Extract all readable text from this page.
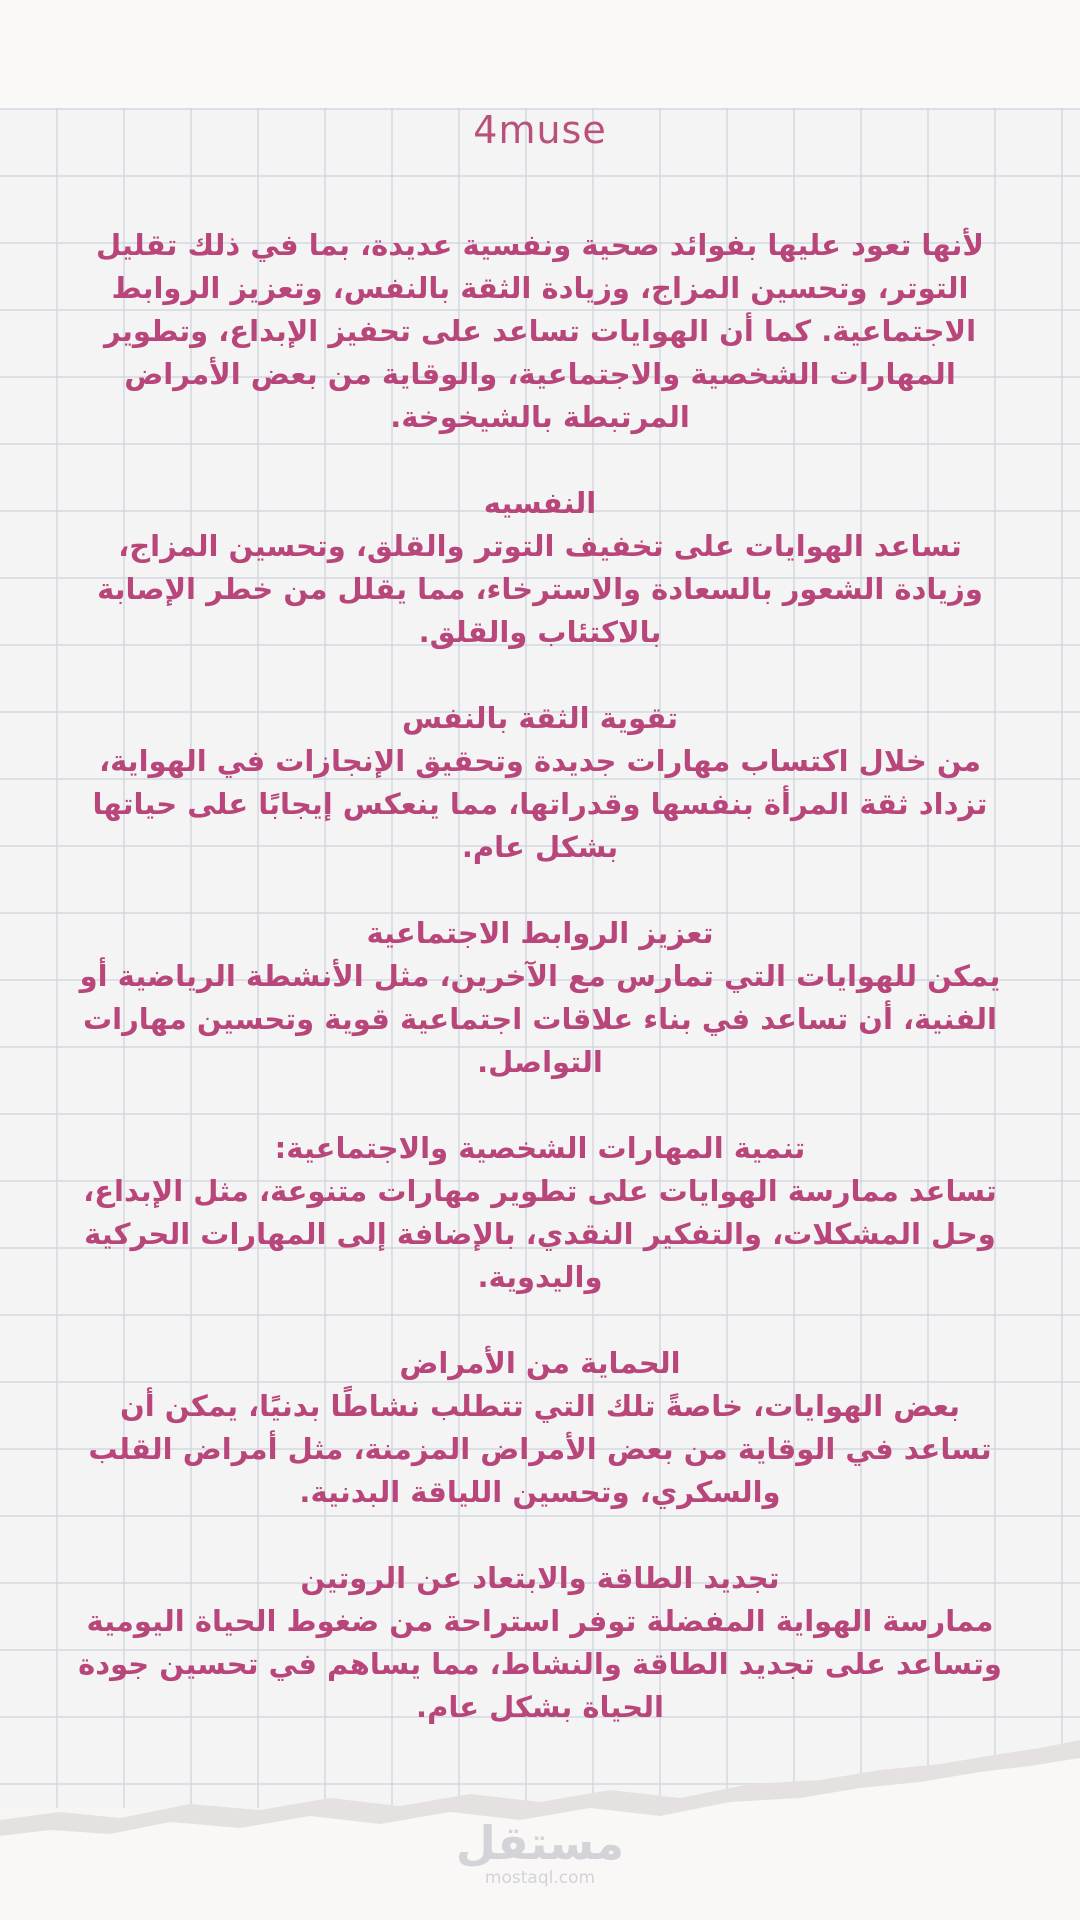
4muse

لأنها تعود عليها بفوائد صحية ونفسية عديدة، بما في ذلك تقليل التوتر، وتحسين المزاج، وزيادة الثقة بالنفس، وتعزيز الروابط الاجتماعية. كما أن الهوايات تساعد على تحفيز الإبداع، وتطوير المهارات الشخصية والاجتماعية، والوقاية من بعض الأمراض المرتبطة بالشيخوخة.

النفسيه

تساعد الهوايات على تخفيف التوتر والقلق، وتحسين المزاج، وزيادة الشعور بالسعادة والاسترخاء، مما يقلل من خطر الإصابة بالاكتئاب والقلق.

تقوية الثقة بالنفس

من خلال اكتساب مهارات جديدة وتحقيق الإنجازات في الهواية، تزداد ثقة المرأة بنفسها وقدراتها، مما ينعكس إيجابًا على حياتها بشكل عام.

تعزيز الروابط الاجتماعية

يمكن للهوايات التي تمارس مع الآخرين، مثل الأنشطة الرياضية أو الفنية، أن تساعد في بناء علاقات اجتماعية قوية وتحسين مهارات التواصل.

تنمية المهارات الشخصية والاجتماعية:

تساعد ممارسة الهوايات على تطوير مهارات متنوعة، مثل الإبداع، وحل المشكلات، والتفكير النقدي، بالإضافة إلى المهارات الحركية واليدوية.

الحماية من الأمراض

بعض الهوايات، خاصةً تلك التي تتطلب نشاطًا بدنيًا، يمكن أن تساعد في الوقاية من بعض الأمراض المزمنة، مثل أمراض القلب والسكري، وتحسين اللياقة البدنية.

تجديد الطاقة والابتعاد عن الروتين

ممارسة الهواية المفضلة توفر استراحة من ضغوط الحياة اليومية وتساعد على تجديد الطاقة والنشاط، مما يساهم في تحسين جودة الحياة بشكل عام.

مستقل
mostaql.com
